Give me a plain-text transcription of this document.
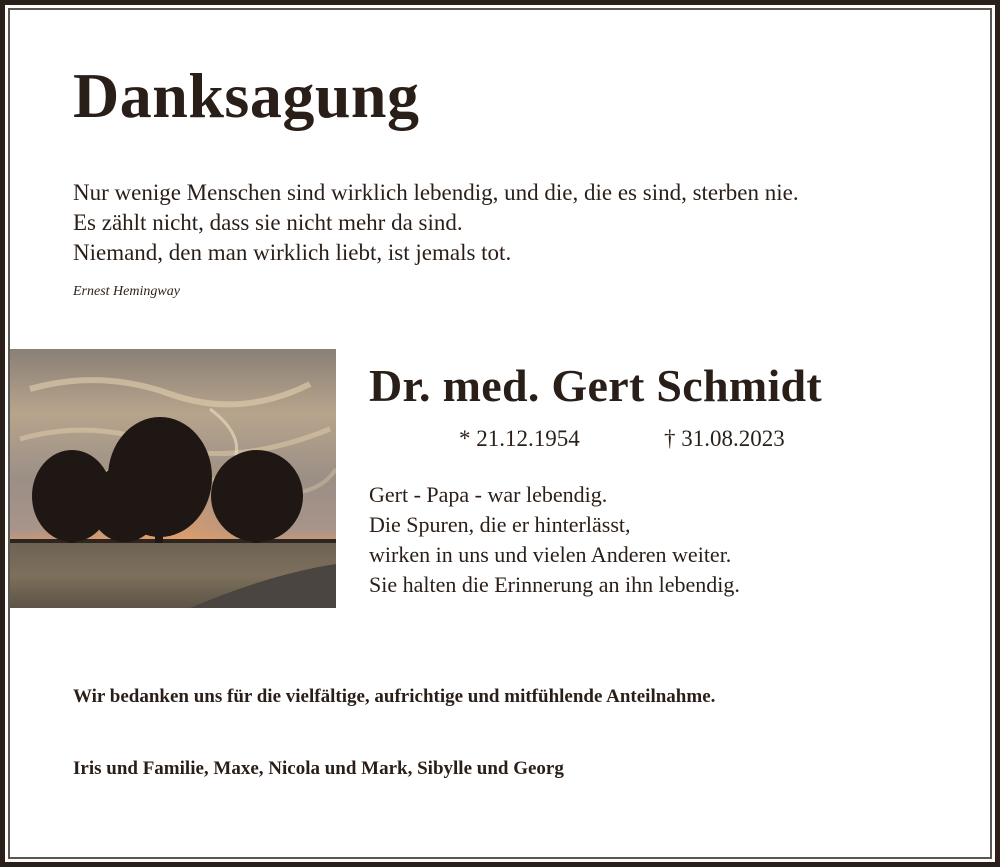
Danksagung
Nur wenige Menschen sind wirklich lebendig, und die, die es sind, sterben nie.
Es zählt nicht, dass sie nicht mehr da sind.
Niemand, den man wirklich liebt, ist jemals tot.
Ernest Hemingway
Dr. med. Gert Schmidt
* 21.12.1954	† 31.08.2023
Gert - Papa - war lebendig.
Die Spuren, die er hinterlässt,
wirken in uns und vielen Anderen weiter.
Sie halten die Erinnerung an ihn lebendig.
Wir bedanken uns für die vielfältige, aufrichtige und mitfühlende Anteilnahme.
Iris und Familie, Maxe, Nicola und Mark, Sibylle und Georg
